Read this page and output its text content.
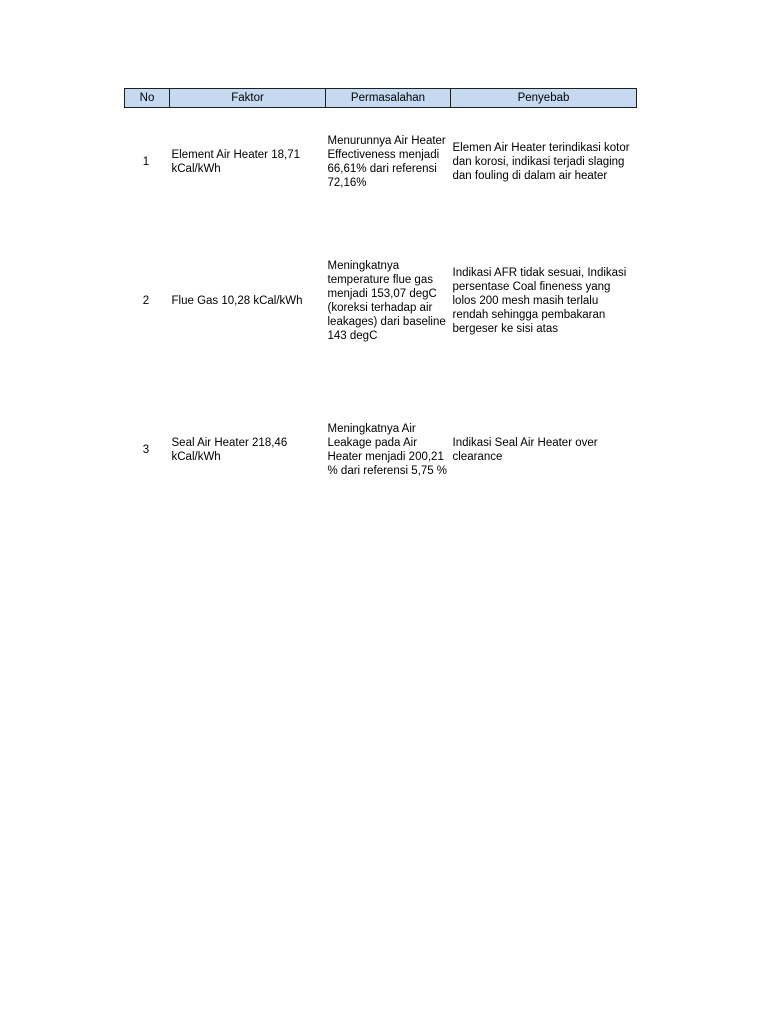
No	Faktor	Permasalahan	Penyebab
1	Element Air Heater 18,71 kCal/kWh	Menurunnya Air Heater Effectiveness menjadi 66,61% dari referensi 72,16%	Elemen Air Heater terindikasi kotor dan korosi, indikasi terjadi slaging dan fouling di dalam air heater
2	Flue Gas 10,28 kCal/kWh	Meningkatnya temperature flue gas menjadi 153,07 degC (koreksi terhadap air leakages) dari baseline 143 degC	Indikasi AFR tidak sesuai, Indikasi persentase Coal fineness yang lolos 200 mesh masih terlalu rendah sehingga pembakaran bergeser ke sisi atas
3	Seal Air Heater 218,46 kCal/kWh	Meningkatnya Air Leakage pada Air Heater menjadi 200,21 % dari referensi 5,75 %	Indikasi Seal Air Heater over clearance
